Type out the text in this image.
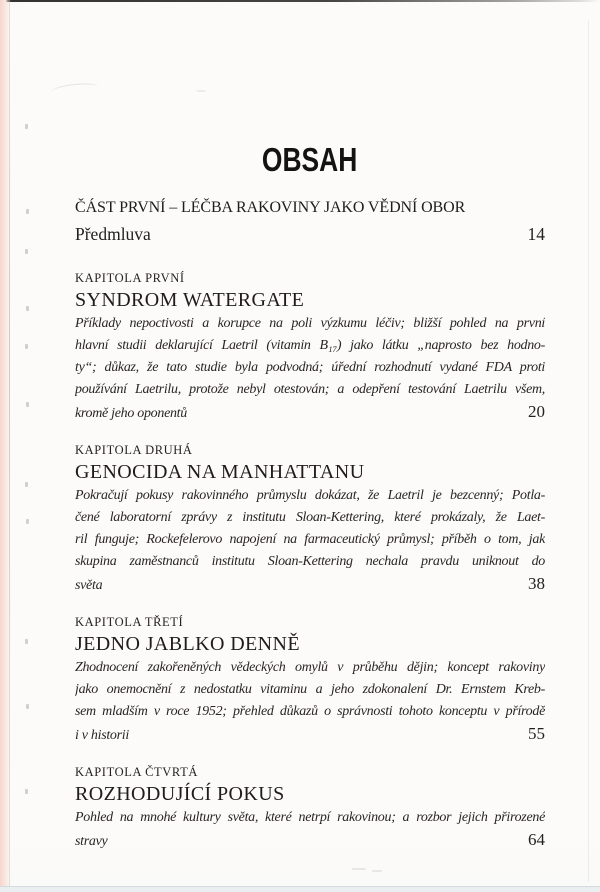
OBSAH
ČÁST PRVNÍ – LÉČBA RAKOVINY JAKO VĚDNÍ OBOR
Předmluva	14
KAPITOLA PRVNÍ
SYNDROM WATERGATE
Příklady nepoctivosti a korupce na poli výzkumu léčiv; bližší pohled na první
hlavní studii deklarující Laetril (vitamin B₁₇) jako látku „naprosto bez hodno-
ty“; důkaz, že tato studie byla podvodná; úřední rozhodnutí vydané FDA proti
používání Laetrilu, protože nebyl otestován; a odepření testování Laetrilu všem,
kromě jeho oponentů	20
KAPITOLA DRUHÁ
GENOCIDA NA MANHATTANU
Pokračují pokusy rakovinného průmyslu dokázat, že Laetril je bezcenný; Potla-
čené laboratorní zprávy z institutu Sloan-Kettering, které prokázaly, že Laet-
ril funguje; Rockefelerovo napojení na farmaceutický průmysl; příběh o tom, jak
skupina zaměstnanců institutu Sloan-Kettering nechala pravdu uniknout do
světa	38
KAPITOLA TŘETÍ
JEDNO JABLKO DENNĚ
Zhodnocení zakořeněných vědeckých omylů v průběhu dějin; koncept rakoviny
jako onemocnění z nedostatku vitaminu a jeho zdokonalení Dr. Ernstem Kreb-
sem mladším v roce 1952; přehled důkazů o správnosti tohoto konceptu v přírodě
i v historii	55
KAPITOLA ČTVRTÁ
ROZHODUJÍCÍ POKUS
Pohled na mnohé kultury světa, které netrpí rakovinou; a rozbor jejich přirozené
stravy	64
